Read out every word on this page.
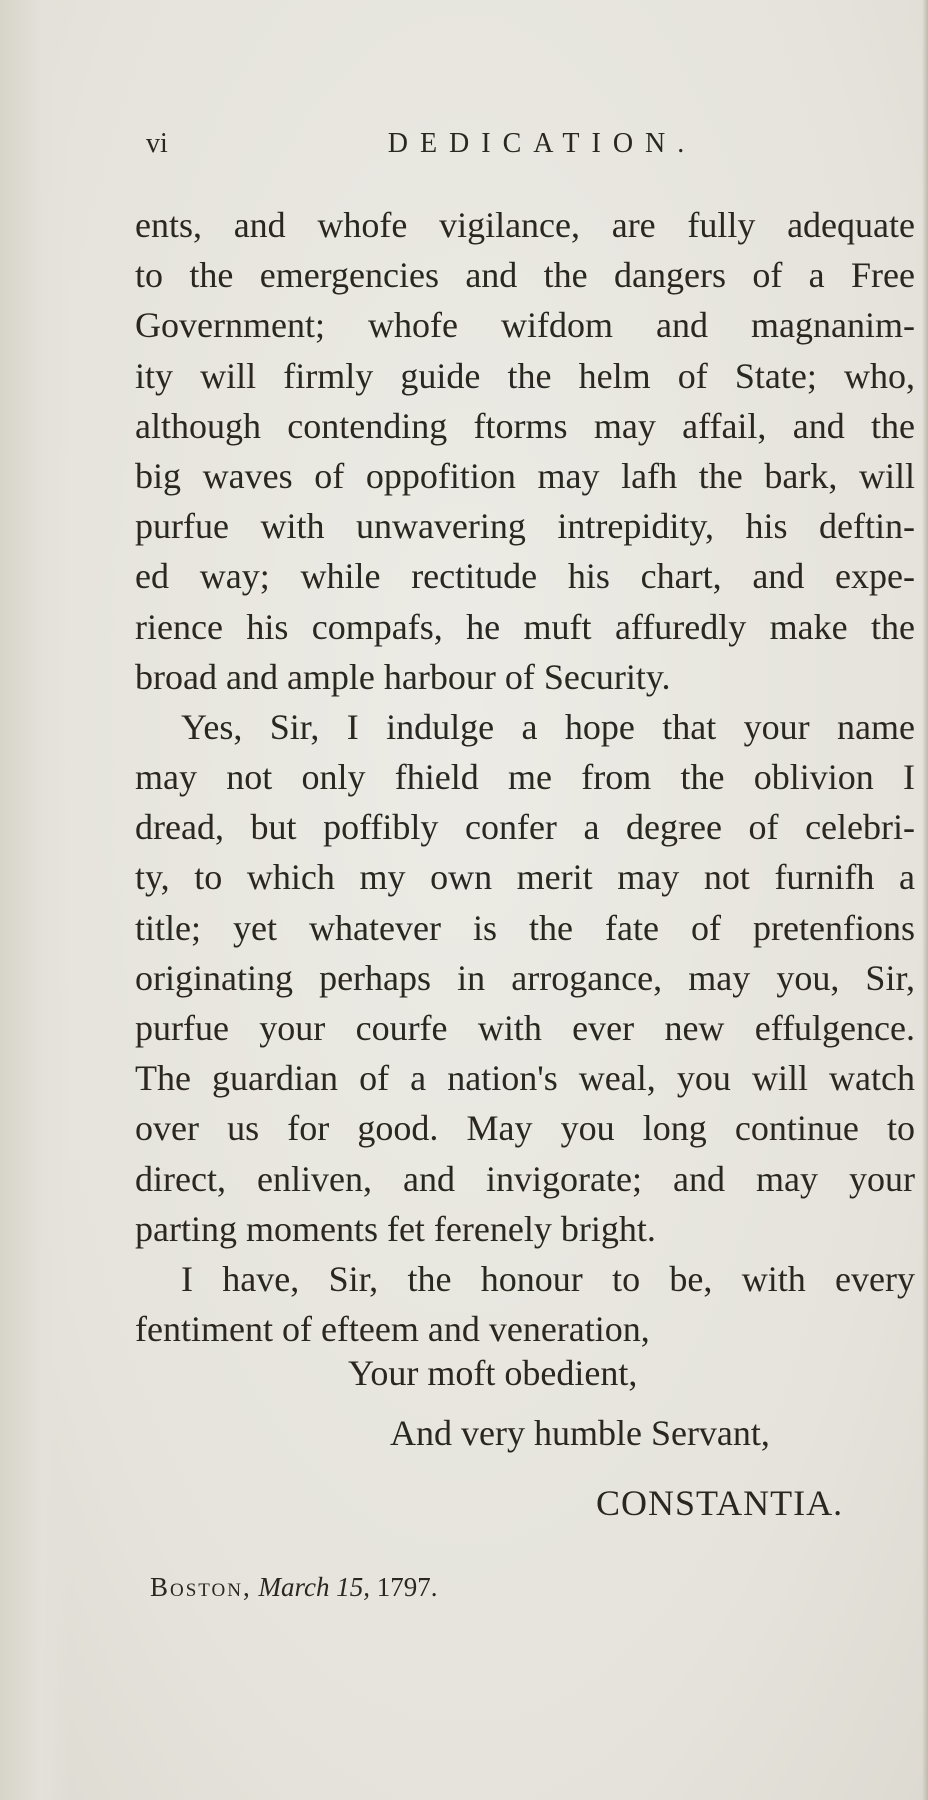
vi	DEDICATION.
ents, and whofe vigilance, are fully adequate
to the emergencies and the dangers of a Free
Government; whofe wifdom and magnanim-
ity will firmly guide the helm of State; who,
although contending ftorms may affail, and the
big waves of oppofition may lafh the bark, will
purfue with unwavering intrepidity, his deftin-
ed way; while rectitude his chart, and expe-
rience his compafs, he muft affuredly make the
broad and ample harbour of Security.
Yes, Sir, I indulge a hope that your name
may not only fhield me from the oblivion I
dread, but poffibly confer a degree of celebri-
ty, to which my own merit may not furnifh a
title; yet whatever is the fate of pretenfions
originating perhaps in arrogance, may you, Sir,
purfue your courfe with ever new effulgence.
The guardian of a nation's weal, you will watch
over us for good. May you long continue to
direct, enliven, and invigorate; and may your
parting moments fet ferenely bright.
I have, Sir, the honour to be, with every
fentiment of efteem and veneration,
Your moft obedient,
And very humble Servant,
CONSTANTIA.
Boston, March 15, 1797.
